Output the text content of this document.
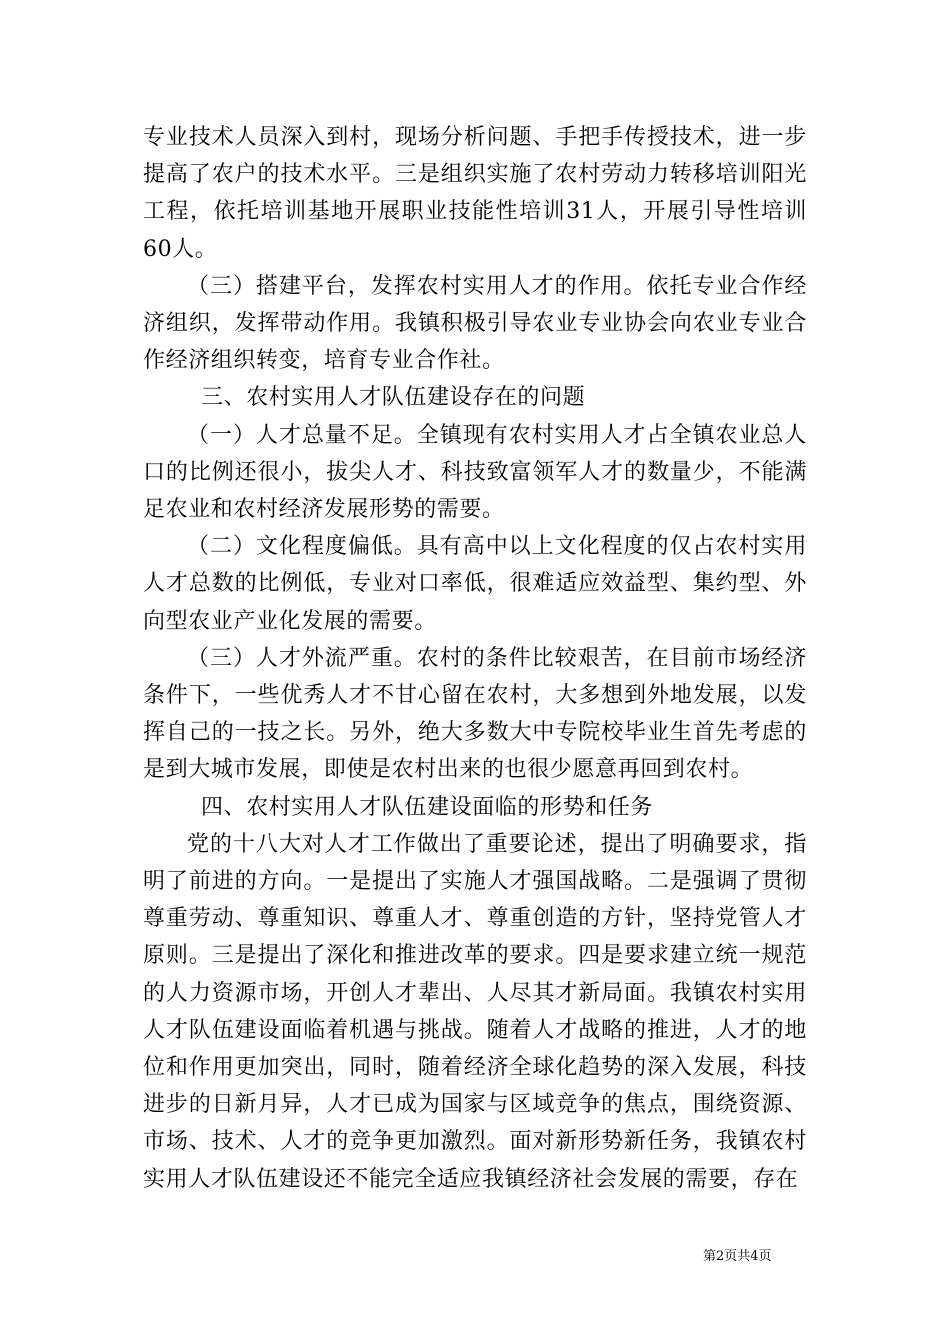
专业技术人员深入到村，现场分析问题、手把手传授技术，进一步提高了农户的技术水平。三是组织实施了农村劳动力转移培训阳光工程，依托培训基地开展职业技能性培训31人，开展引导性培训60人。

（三）搭建平台，发挥农村实用人才的作用。依托专业合作经济组织，发挥带动作用。我镇积极引导农业专业协会向农业专业合作经济组织转变，培育专业合作社。

三、农村实用人才队伍建设存在的问题

（一）人才总量不足。全镇现有农村实用人才占全镇农业总人口的比例还很小，拔尖人才、科技致富领军人才的数量少，不能满足农业和农村经济发展形势的需要。

（二）文化程度偏低。具有高中以上文化程度的仅占农村实用人才总数的比例低，专业对口率低，很难适应效益型、集约型、外向型农业产业化发展的需要。

（三）人才外流严重。农村的条件比较艰苦，在目前市场经济条件下，一些优秀人才不甘心留在农村，大多想到外地发展，以发挥自己的一技之长。另外，绝大多数大中专院校毕业生首先考虑的是到大城市发展，即使是农村出来的也很少愿意再回到农村。

四、农村实用人才队伍建设面临的形势和任务

党的十八大对人才工作做出了重要论述，提出了明确要求，指明了前进的方向。一是提出了实施人才强国战略。二是强调了贯彻尊重劳动、尊重知识、尊重人才、尊重创造的方针，坚持党管人才原则。三是提出了深化和推进改革的要求。四是要求建立统一规范的人力资源市场，开创人才辈出、人尽其才新局面。我镇农村实用人才队伍建设面临着机遇与挑战。随着人才战略的推进，人才的地位和作用更加突出，同时，随着经济全球化趋势的深入发展，科技进步的日新月异，人才已成为国家与区域竞争的焦点，围绕资源、市场、技术、人才的竞争更加激烈。面对新形势新任务，我镇农村实用人才队伍建设还不能完全适应我镇经济社会发展的需要，存在

第2页共4页
